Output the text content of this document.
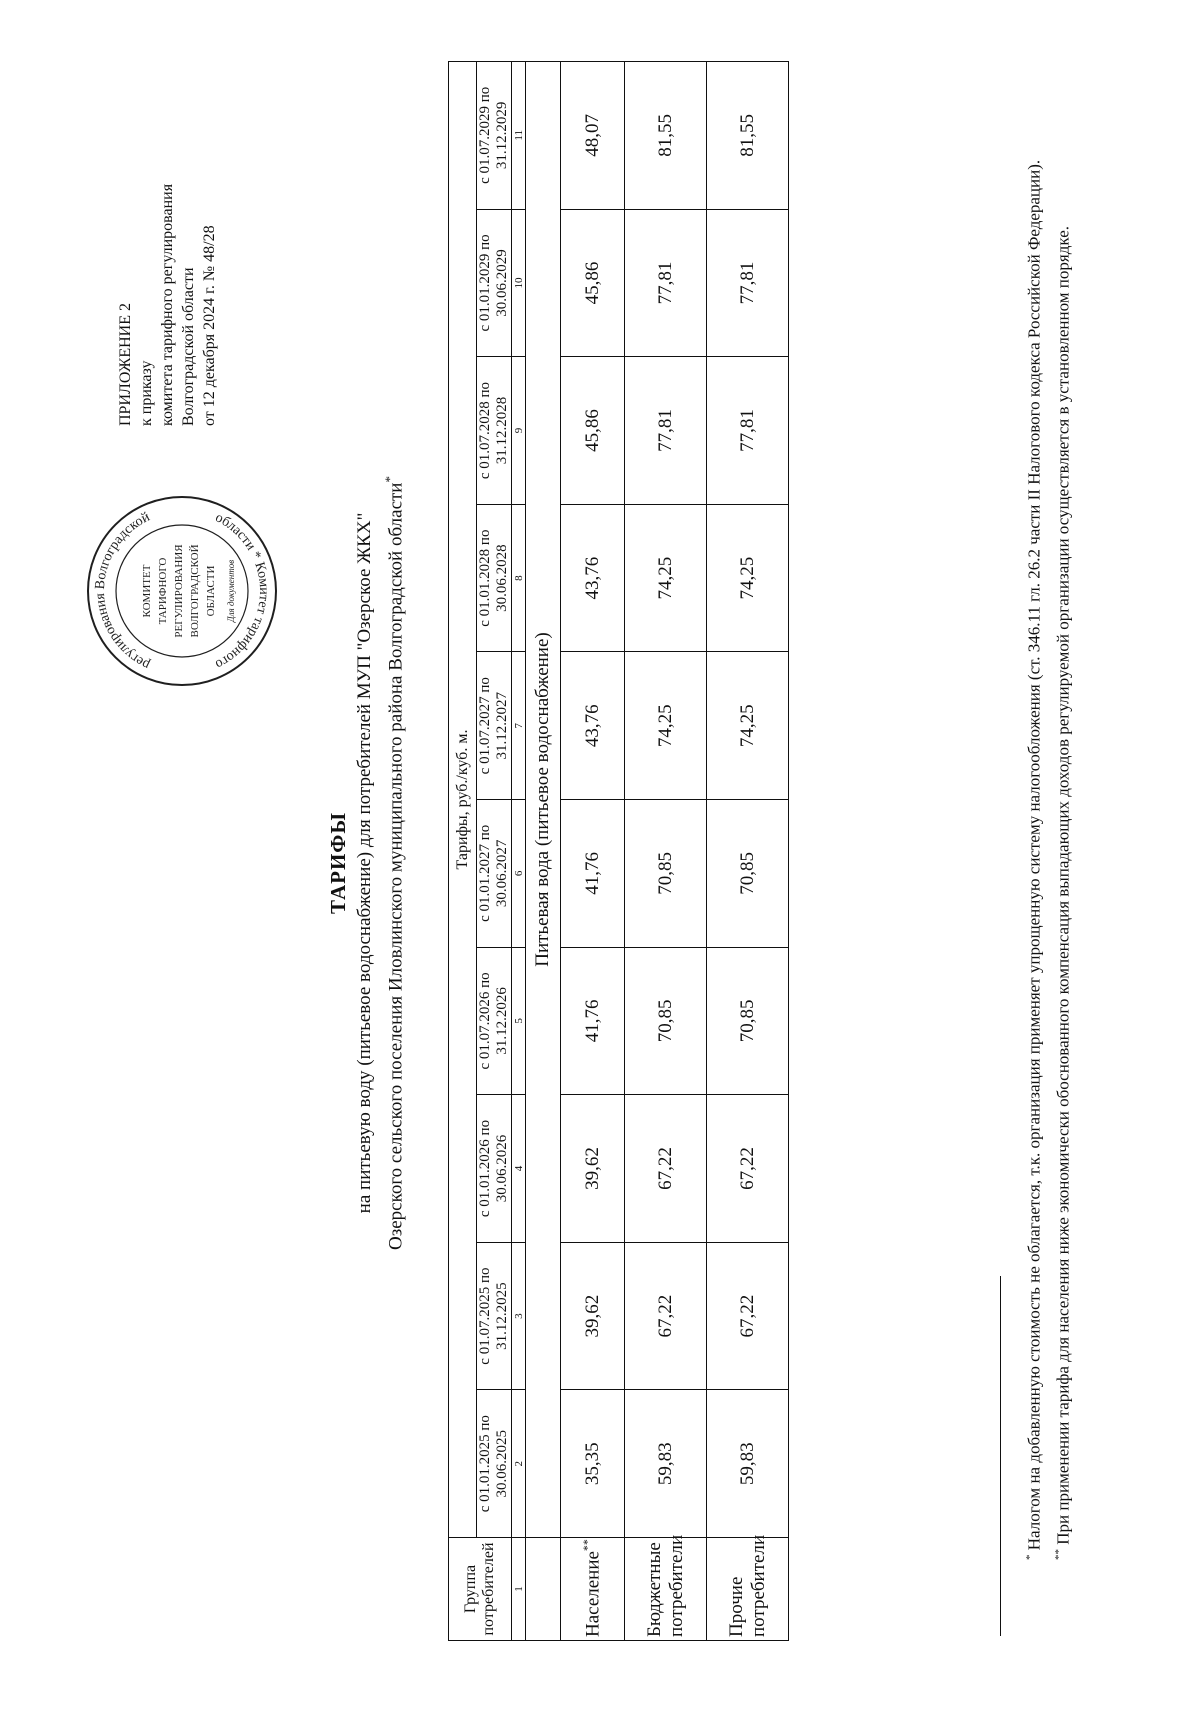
ПРИЛОЖЕНИЕ 2 к приказу комитета тарифного регулирования Волгоградской области от 12 декабря 2024 г. № 48/28
регулирования Волгоградской	области * Комитет тарифного
КОМИТЕТ ТАРИФНОГО РЕГУЛИРОВАНИЯ ВОЛГОГРАДСКОЙ ОБЛАСТИ Для документов
ТАРИФЫ на питьевую воду (питьевое водоснабжение) для потребителей МУП "Озерское ЖКХ" Озерского сельского поселения Иловлинского муниципального района Волгоградской области*
Группа потребителей	Тарифы, руб./куб. м.									
	с 01.01.2025 по 30.06.2025	с 01.07.2025 по 31.12.2025	с 01.01.2026 по 30.06.2026	с 01.07.2026 по 31.12.2026	с 01.01.2027 по 30.06.2027	с 01.07.2027 по 31.12.2027	с 01.01.2028 по 30.06.2028	с 01.07.2028 по 31.12.2028	с 01.01.2029 по 30.06.2029	с 01.07.2029 по 31.12.2029
1	2	3	4	5	6	7	8	9	10	11
	Питьевая вода (питьевое водоснабжение)									
Население**	35,35	39,62	39,62	41,76	41,76	43,76	43,76	45,86	45,86	48,07
Бюджетные потребители	59,83	67,22	67,22	70,85	70,85	74,25	74,25	77,81	77,81	81,55
Прочие потребители	59,83	67,22	67,22	70,85	70,85	74,25	74,25	77,81	77,81	81,55

* Налогом на добавленную стоимость не облагается, т.к. организация применяет упрощенную систему налогообложения (ст. 346.11 гл. 26.2 части II Налогового кодекса Российской Федерации).

** При применении тарифа для населения ниже экономически обоснованного компенсация выпадающих доходов регулируемой организации осуществляется в установленном порядке.
